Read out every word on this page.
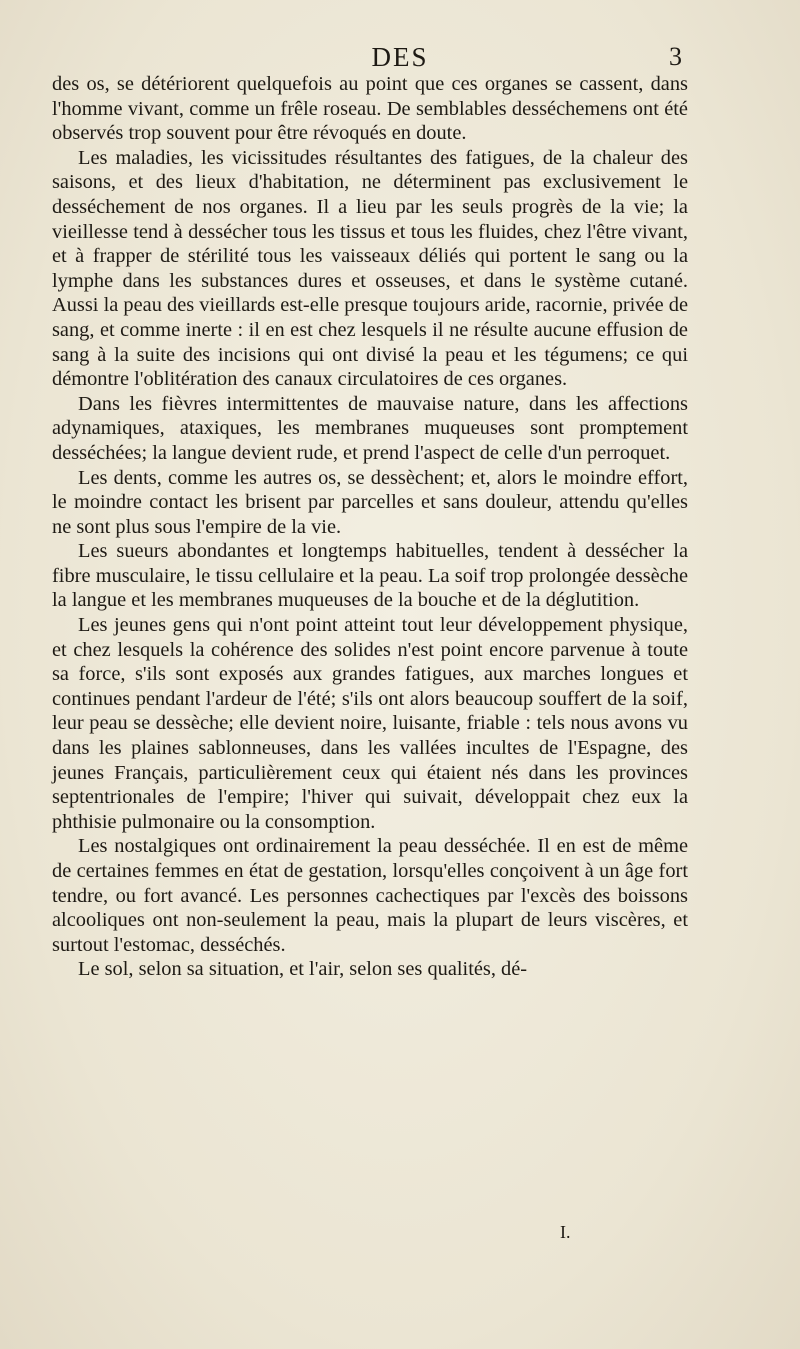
DES	3

des os, se détériorent quelquefois au point que ces organes se cassent, dans l'homme vivant, comme un frêle roseau. De semblables desséchemens ont été observés trop souvent pour être révoqués en doute.

Les maladies, les vicissitudes résultantes des fatigues, de la chaleur des saisons, et des lieux d'habitation, ne déterminent pas exclusivement le desséchement de nos organes. Il a lieu par les seuls progrès de la vie; la vieillesse tend à dessécher tous les tissus et tous les fluides, chez l'être vivant, et à frapper de stérilité tous les vaisseaux déliés qui portent le sang ou la lymphe dans les substances dures et osseuses, et dans le système cutané. Aussi la peau des vieillards est-elle presque toujours aride, racornie, privée de sang, et comme inerte : il en est chez lesquels il ne résulte aucune effusion de sang à la suite des incisions qui ont divisé la peau et les tégumens; ce qui démontre l'oblitération des canaux circulatoires de ces organes.

Dans les fièvres intermittentes de mauvaise nature, dans les affections adynamiques, ataxiques, les membranes muqueuses sont promptement desséchées; la langue devient rude, et prend l'aspect de celle d'un perroquet.

Les dents, comme les autres os, se dessèchent; et, alors le moindre effort, le moindre contact les brisent par parcelles et sans douleur, attendu qu'elles ne sont plus sous l'empire de la vie.

Les sueurs abondantes et longtemps habituelles, tendent à dessécher la fibre musculaire, le tissu cellulaire et la peau. La soif trop prolongée dessèche la langue et les membranes muqueuses de la bouche et de la déglutition.

Les jeunes gens qui n'ont point atteint tout leur développement physique, et chez lesquels la cohérence des solides n'est point encore parvenue à toute sa force, s'ils sont exposés aux grandes fatigues, aux marches longues et continues pendant l'ardeur de l'été; s'ils ont alors beaucoup souffert de la soif, leur peau se dessèche; elle devient noire, luisante, friable : tels nous avons vu dans les plaines sablonneuses, dans les vallées incultes de l'Espagne, des jeunes Français, particulièrement ceux qui étaient nés dans les provinces septentrionales de l'empire; l'hiver qui suivait, développait chez eux la phthisie pulmonaire ou la consomption.

Les nostalgiques ont ordinairement la peau desséchée. Il en est de même de certaines femmes en état de gestation, lorsqu'elles conçoivent à un âge fort tendre, ou fort avancé. Les personnes cachectiques par l'excès des boissons alcooliques ont non-seulement la peau, mais la plupart de leurs viscères, et surtout l'estomac, desséchés.

Le sol, selon sa situation, et l'air, selon ses qualités, dé-

I.
